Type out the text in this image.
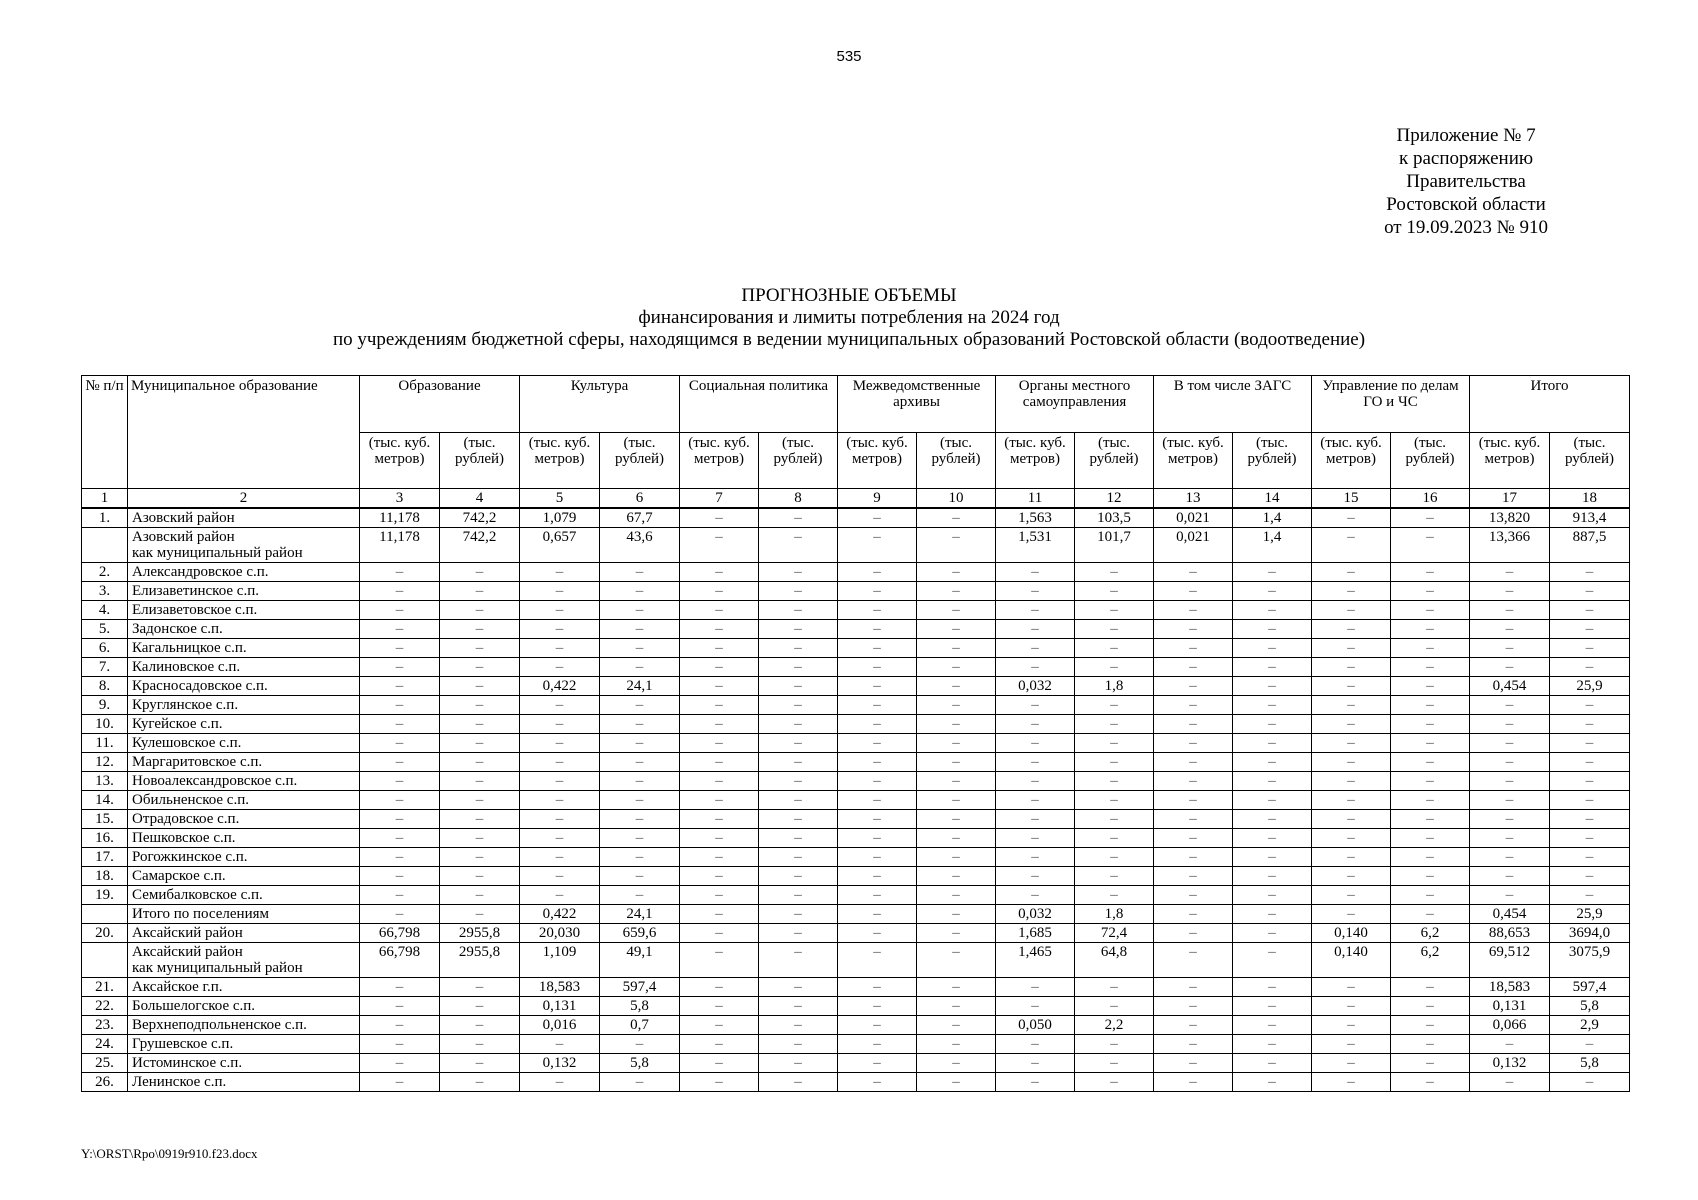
535
Приложение № 7
к распоряжению
Правительства
Ростовской области
от 19.09.2023 № 910
ПРОГНОЗНЫЕ ОБЪЕМЫ
финансирования и лимиты потребления на 2024 год
по учреждениям бюджетной сферы, находящимся в ведении муниципальных образований Ростовской области (водоотведение)
№ п/п	Муниципальное образование	Образование		Культура		Социальная политика		Межведомственные архивы		Органы местного самоуправления		В том числе ЗАГС		Управление по делам ГО и ЧС		Итого	
		(тыс. куб. метров)	(тыс. рублей)	(тыс. куб. метров)	(тыс. рублей)	(тыс. куб. метров)	(тыс. рублей)	(тыс. куб. метров)	(тыс. рублей)	(тыс. куб. метров)	(тыс. рублей)	(тыс. куб. метров)	(тыс. рублей)	(тыс. куб. метров)	(тыс. рублей)	(тыс. куб. метров)	(тыс. рублей)
1	2	3	4	5	6	7	8	9	10	11	12	13	14	15	16	17	18
1.	Азовский район	11,178	742,2	1,079	67,7	–	–	–	–	1,563	103,5	0,021	1,4	–	–	13,820	913,4

	Азовский район
как муниципальный район	11,178	742,2	0,657	43,6	–	–	–	–	1,531	101,7	0,021	1,4	–	–	13,366	887,5
2.	Александровское с.п.	–	–	–	–	–	–	–	–	–	–	–	–	–	–	–	–
3.	Елизаветинское с.п.	–	–	–	–	–	–	–	–	–	–	–	–	–	–	–	–
4.	Елизаветовское с.п.	–	–	–	–	–	–	–	–	–	–	–	–	–	–	–	–
5.	Задонское с.п.	–	–	–	–	–	–	–	–	–	–	–	–	–	–	–	–
6.	Кагальницкое с.п.	–	–	–	–	–	–	–	–	–	–	–	–	–	–	–	–
7.	Калиновское с.п.	–	–	–	–	–	–	–	–	–	–	–	–	–	–	–	–
8.	Красносадовское с.п.	–	–	0,422	24,1	–	–	–	–	0,032	1,8	–	–	–	–	0,454	25,9
9.	Круглянское с.п.	–	–	–	–	–	–	–	–	–	–	–	–	–	–	–	–
10.	Кугейское с.п.	–	–	–	–	–	–	–	–	–	–	–	–	–	–	–	–
11.	Кулешовское с.п.	–	–	–	–	–	–	–	–	–	–	–	–	–	–	–	–
12.	Маргаритовское с.п.	–	–	–	–	–	–	–	–	–	–	–	–	–	–	–	–
13.	Новоалександровское с.п.	–	–	–	–	–	–	–	–	–	–	–	–	–	–	–	–
14.	Обильненское с.п.	–	–	–	–	–	–	–	–	–	–	–	–	–	–	–	–
15.	Отрадовское с.п.	–	–	–	–	–	–	–	–	–	–	–	–	–	–	–	–
16.	Пешковское с.п.	–	–	–	–	–	–	–	–	–	–	–	–	–	–	–	–
17.	Рогожкинское с.п.	–	–	–	–	–	–	–	–	–	–	–	–	–	–	–	–
18.	Самарское с.п.	–	–	–	–	–	–	–	–	–	–	–	–	–	–	–	–
19.	Семибалковское с.п.	–	–	–	–	–	–	–	–	–	–	–	–	–	–	–	–

	Итого по поселениям	–	–	0,422	24,1	–	–	–	–	0,032	1,8	–	–	–	–	0,454	25,9
20.	Аксайский район	66,798	2955,8	20,030	659,6	–	–	–	–	1,685	72,4	–	–	0,140	6,2	88,653	3694,0

	Аксайский район
как муниципальный район	66,798	2955,8	1,109	49,1	–	–	–	–	1,465	64,8	–	–	0,140	6,2	69,512	3075,9
21.	Аксайское г.п.	–	–	18,583	597,4	–	–	–	–	–	–	–	–	–	–	18,583	597,4
22.	Большелогское с.п.	–	–	0,131	5,8	–	–	–	–	–	–	–	–	–	–	0,131	5,8
23.	Верхнеподпольненское с.п.	–	–	0,016	0,7	–	–	–	–	0,050	2,2	–	–	–	–	0,066	2,9
24.	Грушевское с.п.	–	–	–	–	–	–	–	–	–	–	–	–	–	–	–	–
25.	Истоминское с.п.	–	–	0,132	5,8	–	–	–	–	–	–	–	–	–	–	0,132	5,8
26.	Ленинское с.п.	–	–	–	–	–	–	–	–	–	–	–	–	–	–	–	–
Y:\ORST\Rpo\0919r910.f23.docx
